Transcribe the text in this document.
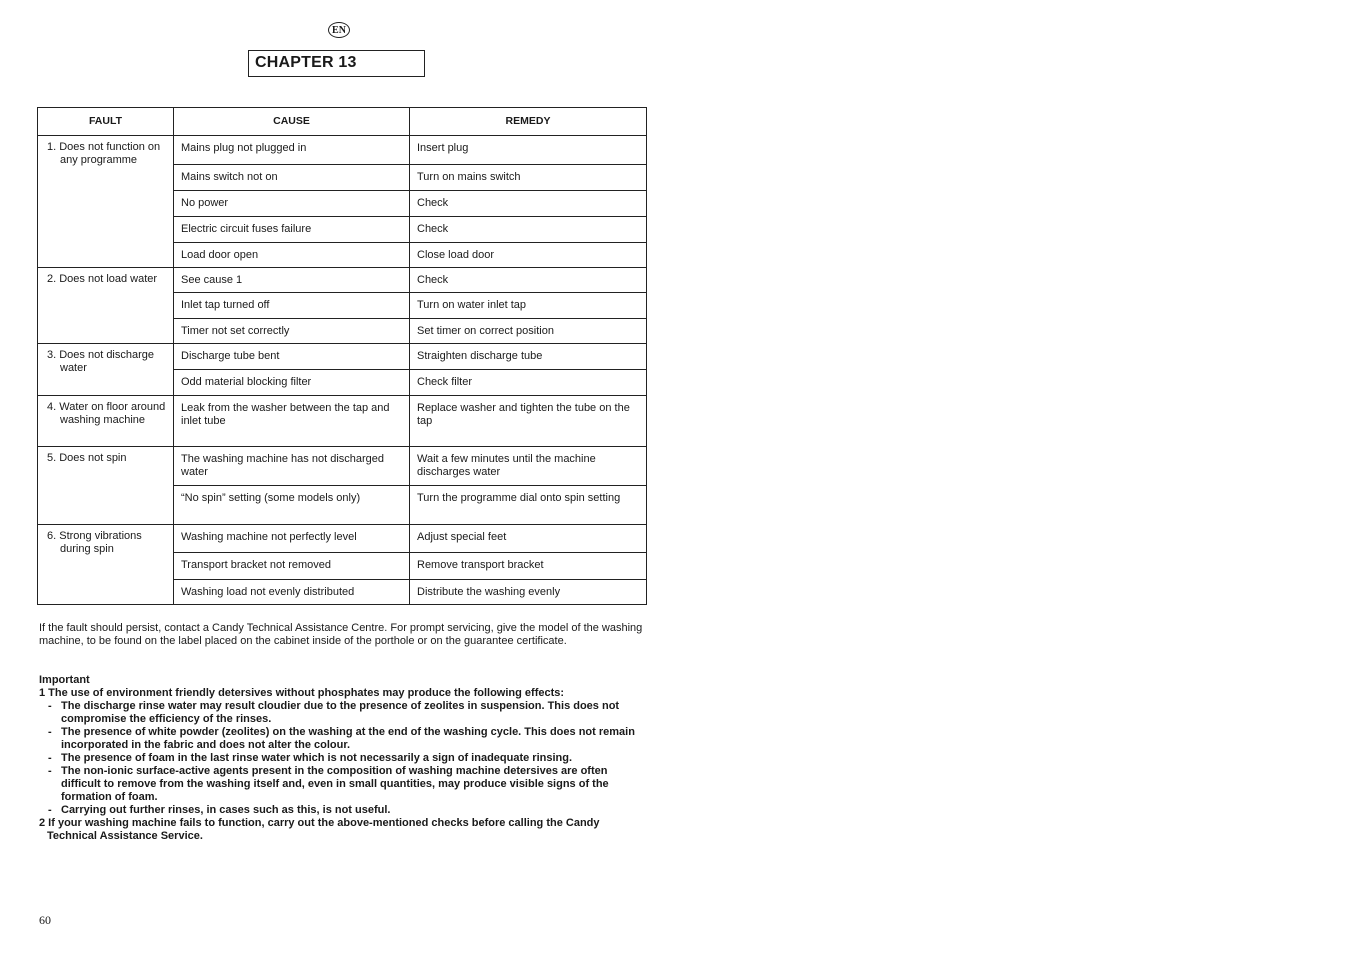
EN
CHAPTER 13
FAULT	CAUSE	REMEDY

1. Does not function on any programme	Mains plug not plugged in	Insert plug
	Mains switch not on	Turn on mains switch
	No power	Check
	Electric circuit fuses failure	Check
	Load door open	Close load door

2. Does not load water	See cause 1	Check
	Inlet tap turned off	Turn on water inlet tap
	Timer not set correctly	Set timer on correct position

3. Does not discharge water	Discharge tube bent	Straighten discharge tube
	Odd material blocking filter	Check filter

4. Water on floor around washing machine	Leak from the washer between the tap and inlet tube	Replace washer and tighten the tube on the tap

5. Does not spin	The washing machine has not discharged water	Wait a few minutes until the machine discharges water
	“No spin” setting (some models only)	Turn the programme dial onto spin setting

6. Strong vibrations during spin	Washing machine not perfectly level	Adjust special feet
	Transport bracket not removed	Remove transport bracket
	Washing load not evenly distributed	Distribute the washing evenly
If the fault should persist, contact a Candy Technical Assistance Centre. For prompt servicing, give the model of the washing machine, to be found on the label placed on the cabinet inside of the porthole or on the guarantee certificate.
Important
1 The use of environment friendly detersives without phosphates may produce the following effects:
- The discharge rinse water may result cloudier due to the presence of zeolites in suspension. This does not compromise the efficiency of the rinses.
- The presence of white powder (zeolites) on the washing at the end of the washing cycle. This does not remain incorporated in the fabric and does not alter the colour.
- The presence of foam in the last rinse water which is not necessarily a sign of inadequate rinsing.
- The non-ionic surface-active agents present in the composition of washing machine detersives are often difficult to remove from the washing itself and, even in small quantities, may produce visible signs of the formation of foam.
- Carrying out further rinses, in cases such as this, is not useful.
2 If your washing machine fails to function, carry out the above-mentioned checks before calling the Candy Technical Assistance Service.
60
